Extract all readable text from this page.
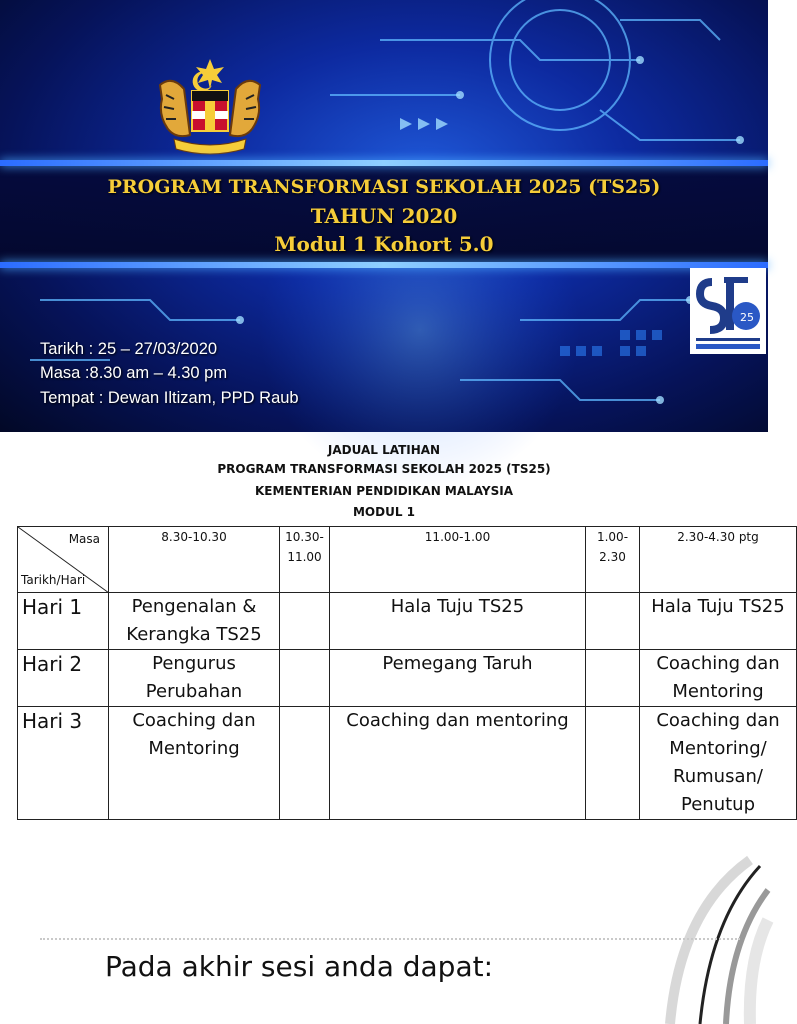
PROGRAM TRANSFORMASI SEKOLAH 2025 (TS25)
TAHUN 2020
Modul 1 Kohort 5.0
25
Tarikh : 25 – 27/03/2020
Masa :8.30 am – 4.30 pm
Tempat : Dewan Iltizam, PPD Raub
JADUAL LATIHAN
PROGRAM TRANSFORMASI SEKOLAH 2025 (TS25)
KEMENTERIAN PENDIDIKAN MALAYSIA
MODUL 1
Masa
Tarikh/Hari	8.30-10.30	10.30-11.00	11.00-1.00	1.00-2.30	2.30-4.30 ptg
Hari 1	Pengenalan & Kerangka TS25		Hala Tuju TS25		Hala Tuju TS25
Hari 2	Pengurus Perubahan		Pemegang Taruh		Coaching dan Mentoring
Hari 3	Coaching dan Mentoring		Coaching dan mentoring		Coaching dan Mentoring/ Rumusan/ Penutup
Pada akhir sesi anda dapat:
